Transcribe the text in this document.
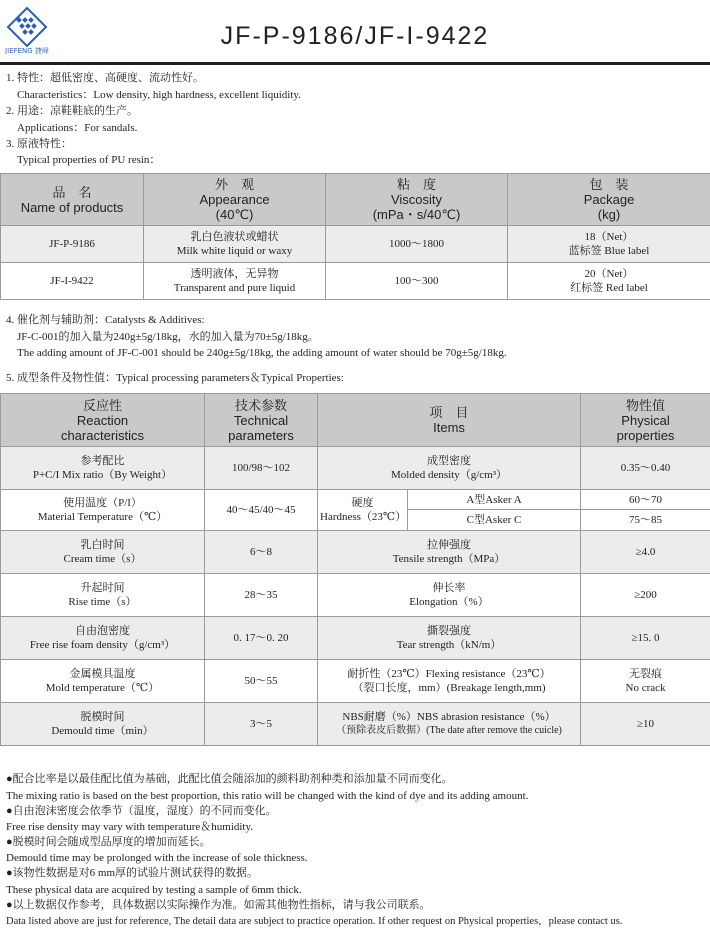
JIEFENG 捷峰
JF-P-9186/JF-I-9422
1. 特性：超低密度、高硬度、流动性好。
Characteristics：Low density, high hardness, excellent liquidity.
2. 用途：凉鞋鞋底的生产。
Applications：For sandals.
3. 原液特性：
Typical properties of PU resin：
品　名
Name of products	外　观
Appearance
(40℃)	粘　度
Viscosity
(mPa・s/40℃)	包　装
Package
(kg)

JF-P-9186	乳白色液状或蜡状
Milk white liquid or waxy	1000～1800	18（Net）
蓝标签 Blue label

JF-I-9422	透明液体，无异物
Transparent and pure liquid	100～300	20（Net）
红标签 Red label
4. 催化剂与辅助剂：Catalysts & Additives:
JF-C-001的加入量为240g±5g/18kg，水的加入量为70±5g/18kg。
The adding amount of JF-C-001 should be 240g±5g/18kg, the adding amount of water should be 70g±5g/18kg.
5. 成型条件及物性值：Typical processing parameters＆Typical Properties:
反应性
Reaction
characteristics	技术参数
Technical
parameters	项　目
Items		物性值
Physical
properties

参考配比
P+C/I Mix ratio（By Weight）	100/98～102	成型密度
Molded density（g/cm³）		0.35～0.40

使用温度（P/I）
Material Temperature（℃）	40～45/40～45	硬度
Hardness（23℃）	A型Asker A	60～70
			C型Asker C	75～85

乳白时间
Cream time（s）	6～8	拉伸强度
Tensile strength（MPa）		≥4.0

升起时间
Rise time（s）	28～35	伸长率
Elongation（%）		≥200

自由泡密度
Free rise foam density（g/cm³）	0. 17～0. 20	撕裂强度
Tear strength（kN/m）		≥15. 0

金属模具温度
Mold temperature（℃）	50～55	耐折性（23℃）Flexing resistance（23℃）
（裂口长度，mm）(Breakage length,mm)		无裂痕
No crack

脱模时间
Demould time（min）	3～5	NBS耐磨（%）NBS abrasion resistance（%）
（预除表皮后数据）(The date after remove the cuicle)		≥10
●配合比率是以最佳配比值为基础，此配比值会随添加的颜料助剂种类和添加量不同而变化。
The mixing ratio is based on the best proportion, this ratio will be changed with the kind of dye and its adding amount.
●自由泡沫密度会依季节（温度，湿度）的不同而变化。
Free rise density may vary with temperature＆humidity.
●脱模时间会随成型品厚度的增加而延长。
Demould time may be prolonged with the increase of sole thickness.
●该物性数据是对6 mm厚的试验片测试获得的数据。
These physical data are acquired by testing a sample of 6mm thick.
●以上数据仅作参考，具体数据以实际操作为准。如需其他物性指标，请与我公司联系。
Data listed above are just for reference, The detail data are subject to practice operation. If other request on Physical properties，please contact us.
